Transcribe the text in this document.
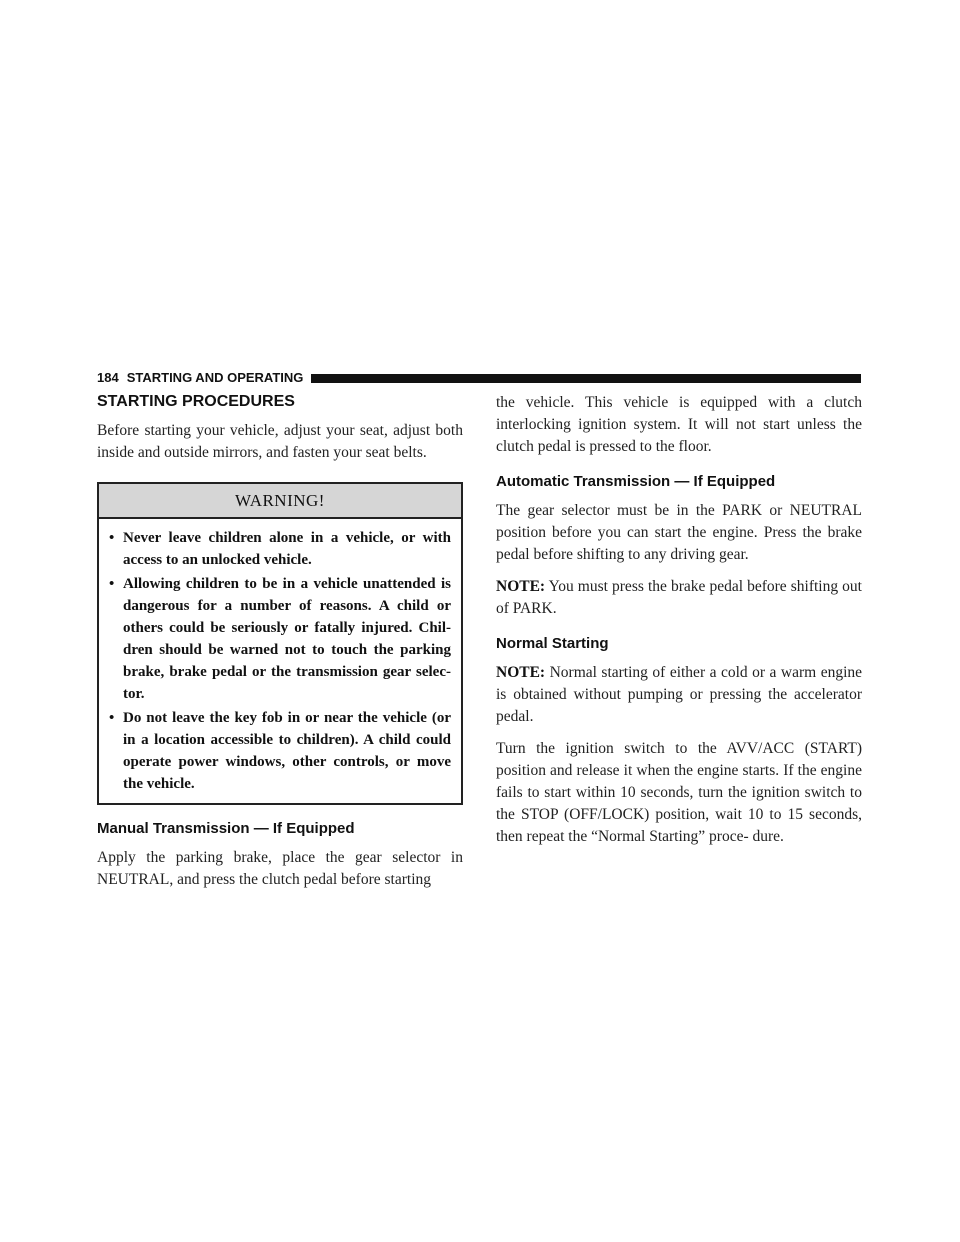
184 STARTING AND OPERATING
STARTING PROCEDURES

Before starting your vehicle, adjust your seat, adjust both inside and outside mirrors, and fasten your seat belts.

WARNING!
• Never leave children alone in a vehicle, or with access to an unlocked vehicle.
• Allowing children to be in a vehicle unattended is dangerous for a number of reasons. A child or others could be seriously or fatally injured. Chil- dren should be warned not to touch the parking brake, brake pedal or the transmission gear selec- tor.
• Do not leave the key fob in or near the vehicle (or in a location accessible to children). A child could operate power windows, other controls, or move the vehicle.
Manual Transmission — If Equipped

Apply the parking brake, place the gear selector in NEUTRAL, and press the clutch pedal before starting

the vehicle. This vehicle is equipped with a clutch interlocking ignition system. It will not start unless the clutch pedal is pressed to the floor.

Automatic Transmission — If Equipped

The gear selector must be in the PARK or NEUTRAL position before you can start the engine. Press the brake pedal before shifting to any driving gear.

NOTE: You must press the brake pedal before shifting out of PARK.

Normal Starting

NOTE: Normal starting of either a cold or a warm engine is obtained without pumping or pressing the accelerator pedal.

Turn the ignition switch to the AVV/ACC (START) position and release it when the engine starts. If the engine fails to start within 10 seconds, turn the ignition switch to the STOP (OFF/LOCK) position, wait 10 to 15 seconds, then repeat the “Normal Starting” proce- dure.
